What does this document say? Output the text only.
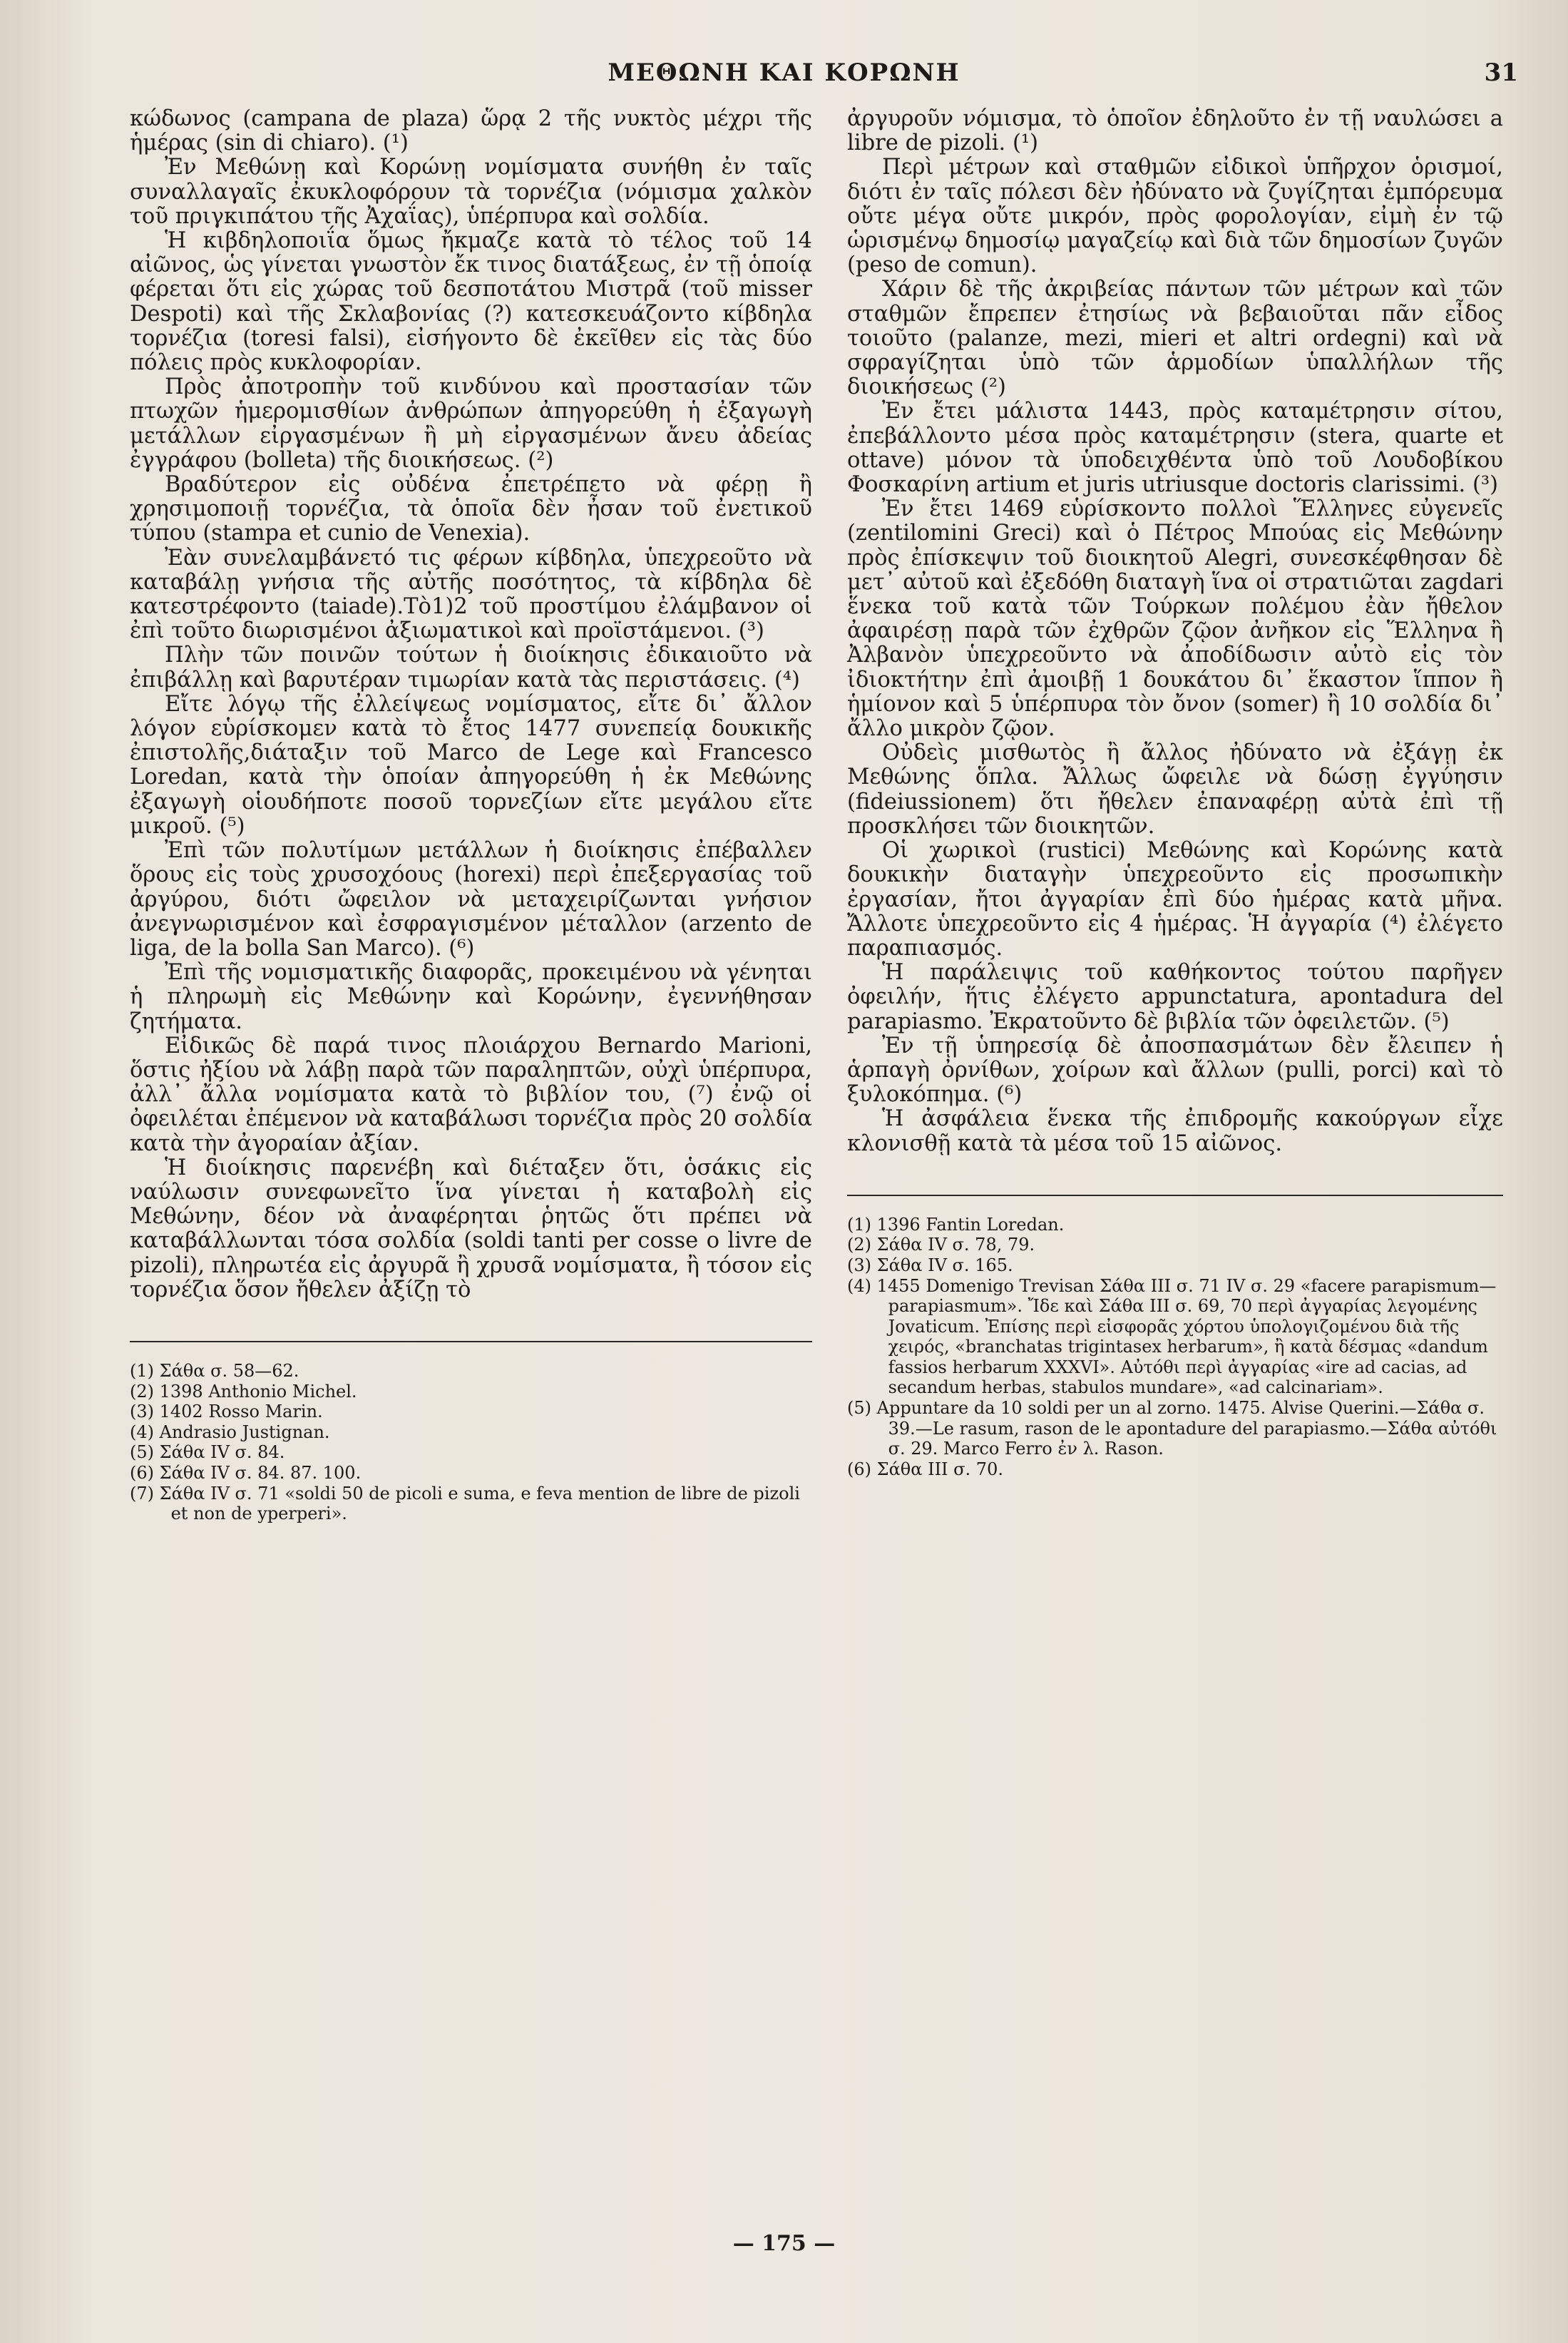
ΜΕΘΩΝΗ ΚΑΙ ΚΟΡΩΝΗ	31

κώδωνος (campana de plaza) ὥρᾳ 2 τῆς νυκτὸς μέχρι τῆς ἡμέρας (sin di chiaro). (¹)

Ἐν Μεθώνῃ καὶ Κορώνῃ νομίσματα συνήθη ἐν ταῖς συναλλαγαῖς ἐκυκλοφόρουν τὰ τορνέζια (νόμισμα χαλκὸν τοῦ πριγκιπάτου τῆς Ἀχαΐας), ὑπέρπυρα καὶ σολδία.

Ἡ κιβδηλοποιΐα ὅμως ἤκμαζε κατὰ τὸ τέλος τοῦ 14 αἰῶνος, ὡς γίνεται γνωστὸν ἔκ τινος διατάξεως, ἐν τῇ ὁποίᾳ φέρεται ὅτι εἰς χώρας τοῦ δεσποτάτου Μιστρᾶ (τοῦ misser Despoti) καὶ τῆς Σκλαβονίας (?) κατεσκευάζοντο κίβδηλα τορνέζια (toresi falsi), εἰσήγοντο δὲ ἐκεῖθεν εἰς τὰς δύο πόλεις πρὸς κυκλοφορίαν.

Πρὸς ἀποτροπὴν τοῦ κινδύνου καὶ προστασίαν τῶν πτωχῶν ἡμερομισθίων ἀνθρώπων ἀπηγορεύθη ἡ ἐξαγωγὴ μετάλλων εἰργασμένων ἢ μὴ εἰργασμένων ἄνευ ἀδείας ἐγγράφου (bolleta) τῆς διοικήσεως. (²)

Βραδύτερον εἰς οὐδένα ἐπετρέπετο νὰ φέρῃ ἢ χρησιμοποιῇ τορνέζια, τὰ ὁποῖα δὲν ἦσαν τοῦ ἐνετικοῦ τύπου (stampa et cunio de Venexia).

Ἐὰν συνελαμβάνετό τις φέρων κίβδηλα, ὑπεχρεοῦτο νὰ καταβάλῃ γνήσια τῆς αὐτῆς ποσότητος, τὰ κίβδηλα δὲ κατεστρέφοντο (taiade).Τὸ1)2 τοῦ προστίμου ἐλάμβανον οἱ ἐπὶ τοῦτο διωρισμένοι ἀξιωματικοὶ καὶ προϊστάμενοι. (³)

Πλὴν τῶν ποινῶν τούτων ἡ διοίκησις ἐδικαιοῦτο νὰ ἐπιβάλλῃ καὶ βαρυτέραν τιμωρίαν κατὰ τὰς περιστάσεις. (⁴)

Εἴτε λόγῳ τῆς ἐλλείψεως νομίσματος, εἴτε δι᾽ ἄλλον λόγον εὑρίσκομεν κατὰ τὸ ἔτος 1477 συνεπείᾳ δουκικῆς ἐπιστολῆς,διάταξιν τοῦ Marco de Lege καὶ Francesco Loredan, κατὰ τὴν ὁποίαν ἀπηγορεύθη ἡ ἐκ Μεθώνης ἐξαγωγὴ οἱουδήποτε ποσοῦ τορνεζίων εἴτε μεγάλου εἴτε μικροῦ. (⁵)

Ἐπὶ τῶν πολυτίμων μετάλλων ἡ διοίκησις ἐπέβαλλεν ὅρους εἰς τοὺς χρυσοχόους (horexi) περὶ ἐπεξεργασίας τοῦ ἀργύρου, διότι ὤφειλον νὰ μεταχειρίζωνται γνήσιον ἀνεγνωρισμένον καὶ ἐσφραγισμένον μέταλλον (arzento de liga, de la bolla San Marco). (⁶)

Ἐπὶ τῆς νομισματικῆς διαφορᾶς, προκειμένου νὰ γένηται ἡ πληρωμὴ εἰς Μεθώνην καὶ Κορώνην, ἐγεννήθησαν ζητήματα.

Εἰδικῶς δὲ παρά τινος πλοιάρχου Bernardo Marioni, ὅστις ἠξίου νὰ λάβῃ παρὰ τῶν παραληπτῶν, οὐχὶ ὑπέρπυρα, ἀλλ᾽ ἄλλα νομίσματα κατὰ τὸ βιβλίον του, (⁷) ἐνῷ οἱ ὀφειλέται ἐπέμενον νὰ καταβάλωσι τορνέζια πρὸς 20 σολδία κατὰ τὴν ἀγοραίαν ἀξίαν.

Ἡ διοίκησις παρενέβη καὶ διέταξεν ὅτι, ὁσάκις εἰς ναύλωσιν συνεφωνεῖτο ἵνα γίνεται ἡ καταβολὴ εἰς Μεθώνην, δέον νὰ ἀναφέρηται ῥητῶς ὅτι πρέπει νὰ καταβάλλωνται τόσα σολδία (soldi tanti per cosse o livre de pizoli), πληρωτέα εἰς ἀργυρᾶ ἢ χρυσᾶ νομίσματα, ἢ τόσον εἰς τορνέζια ὅσον ἤθελεν ἀξίζῃ τὸ

(1) Σάθα σ. 58—62.

(2) 1398 Anthonio Michel.

(3) 1402 Rosso Marin.

(4) Andrasio Justignan.

(5) Σάθα IV σ. 84.

(6) Σάθα IV σ. 84. 87. 100.

(7) Σάθα IV σ. 71 «soldi 50 de picoli e suma, e feva mention de libre de pizoli et non de yperperi».

ἀργυροῦν νόμισμα, τὸ ὁποῖον ἐδηλοῦτο ἐν τῇ ναυλώσει a libre de pizoli. (¹)

Περὶ μέτρων καὶ σταθμῶν εἰδικοὶ ὑπῆρχον ὁρισμοί, διότι ἐν ταῖς πόλεσι δὲν ἠδύνατο νὰ ζυγίζηται ἐμπόρευμα οὔτε μέγα οὔτε μικρόν, πρὸς φορολογίαν, εἰμὴ ἐν τῷ ὡρισμένῳ δημοσίῳ μαγαζείῳ καὶ διὰ τῶν δημοσίων ζυγῶν (peso de comun).

Χάριν δὲ τῆς ἀκριβείας πάντων τῶν μέτρων καὶ τῶν σταθμῶν ἔπρεπεν ἐτησίως νὰ βεβαιοῦται πᾶν εἶδος τοιοῦτο (palanze, mezi, mieri et altri ordegni) καὶ νὰ σφραγίζηται ὑπὸ τῶν ἁρμοδίων ὑπαλλήλων τῆς διοικήσεως (²)

Ἐν ἔτει μάλιστα 1443, πρὸς καταμέτρησιν σίτου, ἐπεβάλλοντο μέσα πρὸς καταμέτρησιν (stera, quarte et ottave) μόνον τὰ ὑποδειχθέντα ὑπὸ τοῦ Λουδοβίκου Φοσκαρίνη artium et juris utriusque doctoris clarissimi. (³)

Ἐν ἔτει 1469 εὑρίσκοντο πολλοὶ Ἕλληνες εὐγενεῖς (zentilomini Greci) καὶ ὁ Πέτρος Μπούας εἰς Μεθώνην πρὸς ἐπίσκεψιν τοῦ διοικητοῦ Alegri, συνεσκέφθησαν δὲ μετ᾽ αὐτοῦ καὶ ἐξεδόθη διαταγὴ ἵνα οἱ στρατιῶται zagdari ἕνεκα τοῦ κατὰ τῶν Τούρκων πολέμου ἐὰν ἤθελον ἀφαιρέσῃ παρὰ τῶν ἐχθρῶν ζῷον ἀνῆκον εἰς Ἕλληνα ἢ Ἀλβανὸν ὑπεχρεοῦντο νὰ ἀποδίδωσιν αὐτὸ εἰς τὸν ἰδιοκτήτην ἐπὶ ἀμοιβῇ 1 δουκάτου δι᾽ ἕκαστον ἵππον ἢ ἡμίονον καὶ 5 ὑπέρπυρα τὸν ὄνον (somer) ἢ 10 σολδία δι᾽ ἄλλο μικρὸν ζῷον.

Οὐδεὶς μισθωτὸς ἢ ἄλλος ἠδύνατο νὰ ἐξάγῃ ἐκ Μεθώνης ὅπλα. Ἄλλως ὤφειλε νὰ δώσῃ ἐγγύησιν (fideiussionem) ὅτι ἤθελεν ἐπαναφέρῃ αὐτὰ ἐπὶ τῇ προσκλήσει τῶν διοικητῶν.

Οἱ χωρικοὶ (rustici) Μεθώνης καὶ Κορώνης κατὰ δουκικὴν διαταγὴν ὑπεχρεοῦντο εἰς προσωπικὴν ἐργασίαν, ἤτοι ἀγγαρίαν ἐπὶ δύο ἡμέρας κατὰ μῆνα. Ἄλλοτε ὑπεχρεοῦντο εἰς 4 ἡμέρας. Ἡ ἀγγαρία (⁴) ἐλέγετο παραπιασμός.

Ἡ παράλειψις τοῦ καθήκοντος τούτου παρῆγεν ὀφειλήν, ἥτις ἐλέγετο appunctatura, apontadura del parapiasmo. Ἐκρατοῦντο δὲ βιβλία τῶν ὀφειλετῶν. (⁵)

Ἐν τῇ ὑπηρεσίᾳ δὲ ἀποσπασμάτων δὲν ἔλειπεν ἡ ἁρπαγὴ ὀρνίθων, χοίρων καὶ ἄλλων (pulli, porci) καὶ τὸ ξυλοκόπημα. (⁶)

Ἡ ἀσφάλεια ἕνεκα τῆς ἐπιδρομῆς κακούργων εἶχε κλονισθῇ κατὰ τὰ μέσα τοῦ 15 αἰῶνος.

(1) 1396 Fantin Loredan.

(2) Σάθα IV σ. 78, 79.

(3) Σάθα IV σ. 165.

(4) 1455 Domenigo Trevisan Σάθα III σ. 71 IV σ. 29 «facere parapismum—parapiasmum». Ἴδε καὶ Σάθα III σ. 69, 70 περὶ ἀγγαρίας λεγομένης Jovaticum. Ἐπίσης περὶ εἰσφορᾶς χόρτου ὑπολογιζομένου διὰ τῆς χειρός, «branchatas trigintasex herbarum», ἢ κατὰ δέσμας «dandum fassios herbarum XXXVI». Αὐτόθι περὶ ἀγγαρίας «ire ad cacias, ad secandum herbas, stabulos mundare», «ad calcinariam».

(5) Appuntare da 10 soldi per un al zorno. 1475. Alvise Querini.—Σάθα σ. 39.—Le rasum, rason de le apontadure del parapiasmo.—Σάθα αὐτόθι σ. 29. Marco Ferro ἐν λ. Rason.

(6) Σάθα III σ. 70.

— 175 —
